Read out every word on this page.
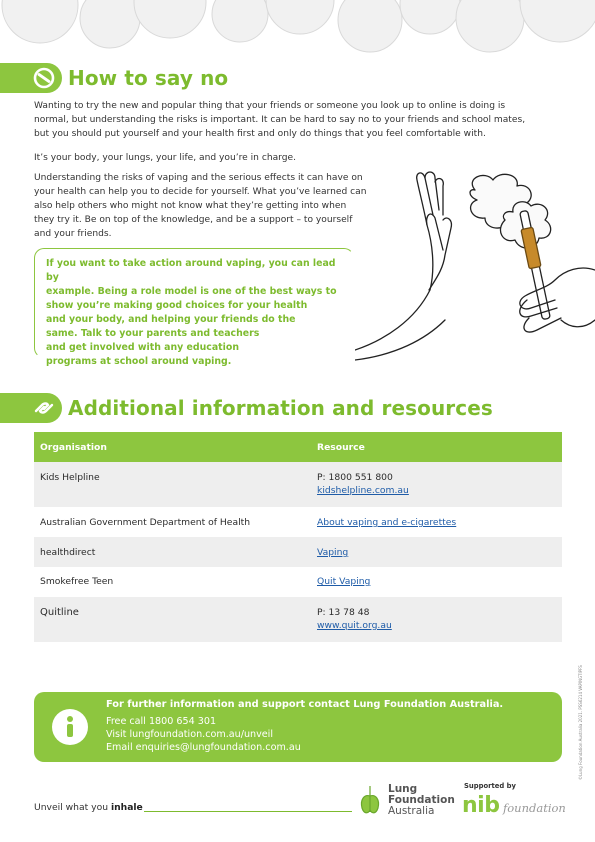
How to say no
Wanting to try the new and popular thing that your friends or someone you look up to online is doing is
normal, but understanding the risks is important. It can be hard to say no to your friends and school mates,
but you should put yourself and your health first and only do things that you feel comfortable with.
It’s your body, your lungs, your life, and you’re in charge.
Understanding the risks of vaping and the serious effects it can have on
your health can help you to decide for yourself. What you’ve learned can
also help others who might not know what they’re getting into when
they try it. Be on top of the knowledge, and be a support – to yourself
and your friends.
If you want to take action around vaping, you can lead by
example. Being a role model is one of the best ways to
show you’re making good choices for your health
and your body, and helping your friends do the
same. Talk to your parents and teachers
and get involved with any education
programs at school around vaping.
Additional information and resources
Organisation	Resource
Kids Helpline	P: 1800 551 800
kidshelpline.com.au
Australian Government Department of Health	About vaping and e-cigarettes
healthdirect	Vaping
Smokefree Teen	Quit Vaping
Quitline	P: 13 78 48
www.quit.org.au
For further information and support contact Lung Foundation Australia.
Free call 1800 654 301
Visit lungfoundation.com.au/unveil
Email enquiries@lungfoundation.com.au
Unveil what you inhale
Lung
Foundation
Australia
Supported by
nib foundation
©Lung Foundation Australia 2021. PSS6214 VAPINGTIPFS
